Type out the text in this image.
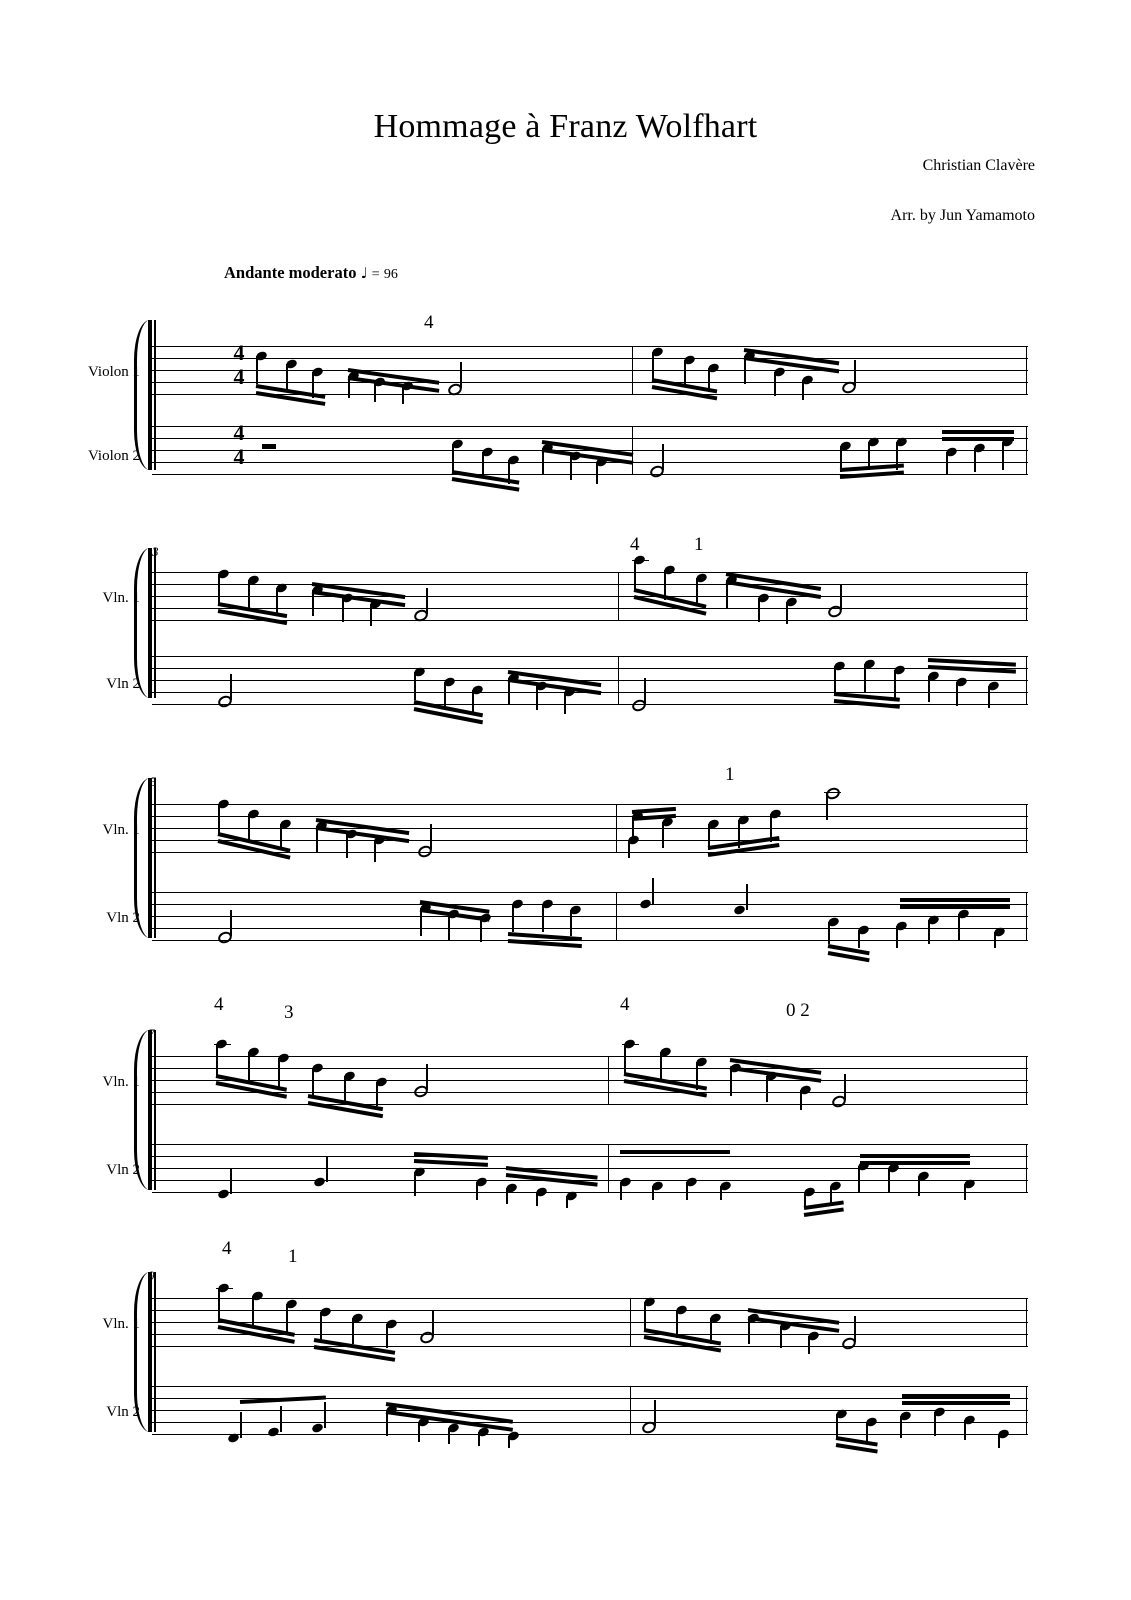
Hommage à Franz Wolfhart
Christian Clavère
Arr. by Jun Yamamoto
Andante moderato ♩ = 96
Violon 1
Violon 2
4
4
4
4
4
Vln. 1
Vln 2
3	4	1
Vln. 1
Vln 2
5	1
Vln. 1
Vln 2
7
4	3	4	0 2
Vln. 1
Vln 2
9
4	1
